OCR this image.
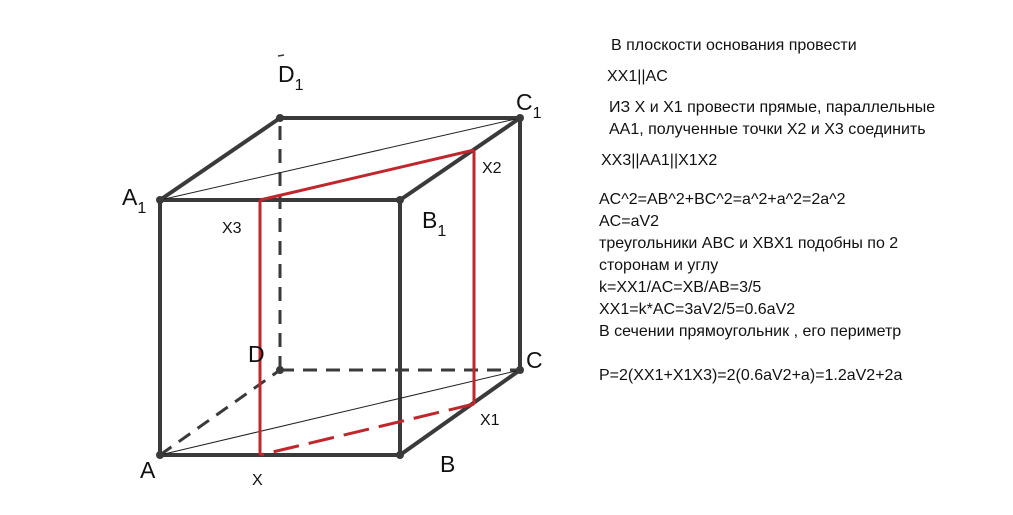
A	B
C
D
A1	B1
C1
D1
X
X1
X2
X3
В плоскости основания провести
XX1||AC
ИЗ X и X1 провести прямые, параллельные
AA1, полученные точки X2 и X3 соединить
XX3||AA1||X1X2
AC^2=AB^2+BC^2=a^2+a^2=2a^2
AC=aV2
треугольники ABC и XBX1 подобны по 2
сторонам и углу
k=XX1/AC=XB/AB=3/5
XX1=k*AC=3aV2/5=0.6aV2
В сечении прямоугольник , его периметр
P=2(XX1+X1X3)=2(0.6aV2+a)=1.2aV2+2a
